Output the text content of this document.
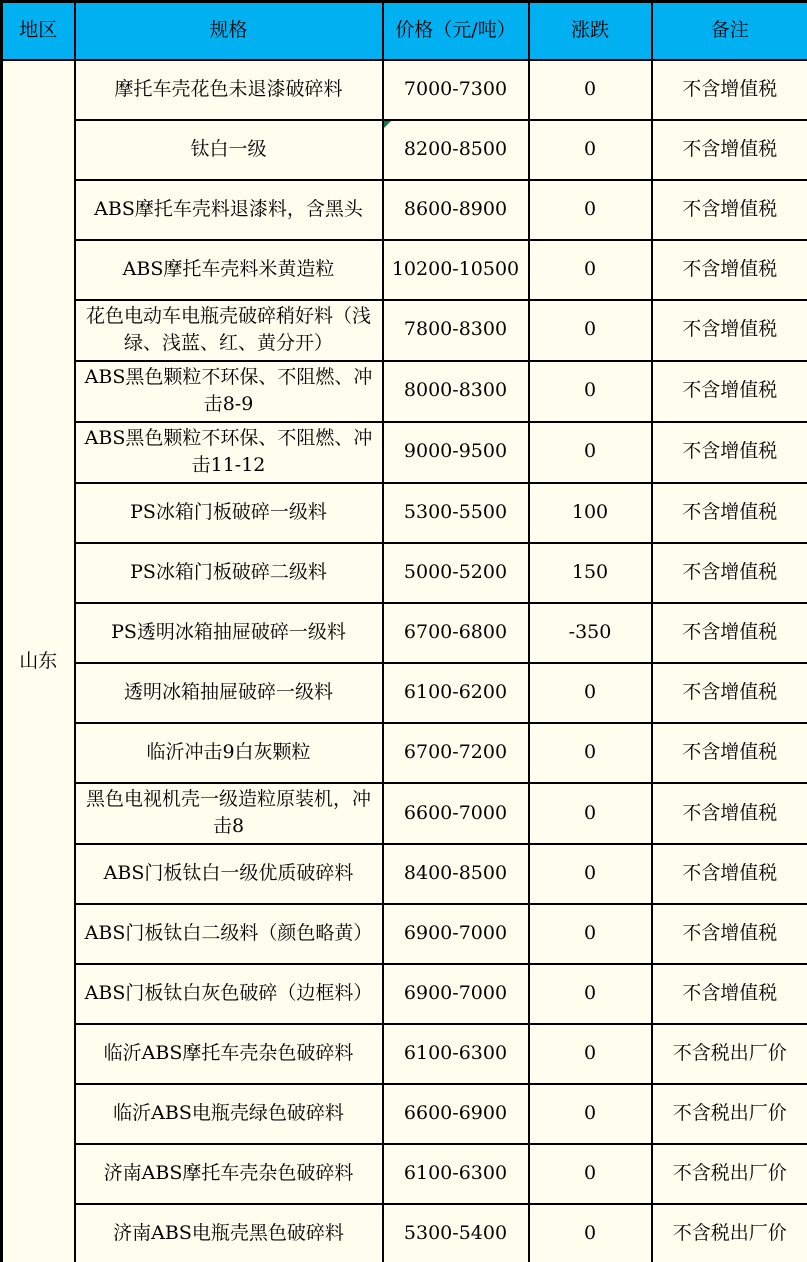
地区	规格	价格（元/吨）	涨跌	备注
山东	摩托车壳花色未退漆破碎料	7000-7300	0	不含增值税
	钛白一级	8200-8500	0	不含增值税
	ABS摩托车壳料退漆料，含黑头	8600-8900	0	不含增值税
	ABS摩托车壳料米黄造粒	10200-10500	0	不含增值税
	花色电动车电瓶壳破碎稍好料（浅绿、浅蓝、红、黄分开）	7800-8300	0	不含增值税
	ABS黑色颗粒不环保、不阻燃、冲击8-9	8000-8300	0	不含增值税
	ABS黑色颗粒不环保、不阻燃、冲击11-12	9000-9500	0	不含增值税
	PS冰箱门板破碎一级料	5300-5500	100	不含增值税
	PS冰箱门板破碎二级料	5000-5200	150	不含增值税
	PS透明冰箱抽屉破碎一级料	6700-6800	-350	不含增值税
	透明冰箱抽屉破碎一级料	6100-6200	0	不含增值税
	临沂冲击9白灰颗粒	6700-7200	0	不含增值税
	黑色电视机壳一级造粒原装机，冲击8	6600-7000	0	不含增值税
	ABS门板钛白一级优质破碎料	8400-8500	0	不含增值税
	ABS门板钛白二级料（颜色略黄）	6900-7000	0	不含增值税
	ABS门板钛白灰色破碎（边框料）	6900-7000	0	不含增值税
	临沂ABS摩托车壳杂色破碎料	6100-6300	0	不含税出厂价
	临沂ABS电瓶壳绿色破碎料	6600-6900	0	不含税出厂价
	济南ABS摩托车壳杂色破碎料	6100-6300	0	不含税出厂价
	济南ABS电瓶壳黑色破碎料	5300-5400	0	不含税出厂价
